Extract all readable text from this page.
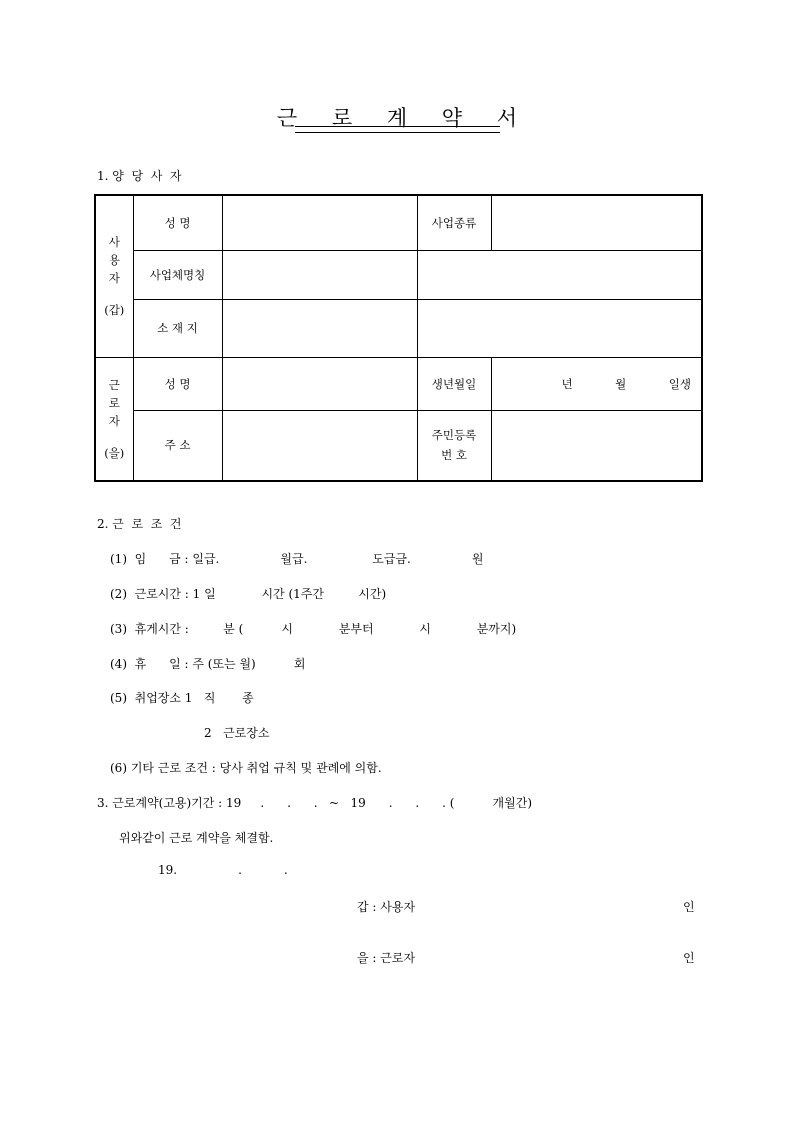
근 로 계 약 서
1. 양  당  사  자
사
용
자
(갑)	성 명		사업종류	
	사업체명칭			
	소 재 지			

근
로
자
(을)	성 명		생년월일	년 월 일생

	주 소		주민등록
번 호	

2. 근  로  조  건
(1)  임      금 : 일급.                월급.                 도급금.                원
(2)  근로시간 : 1 일            시간 (1주간         시간)
(3)  휴게시간 :         분 (          시            분부터            시            분까지)
(4)  휴      일 : 주 (또는 월)          회
(5)  취업장소 1   직       종
2   근로장소
(6) 기타 근로 조건 : 당사 취업 규칙 및 관례에 의함.
3. 근로계약(고용)기간 : 19     .      .      .   ~   19      .      .      . (          개월간)
위와같이 근로 계약을 체결함.
19.                .           .
갑 : 사용자	인
을 : 근로자	인
